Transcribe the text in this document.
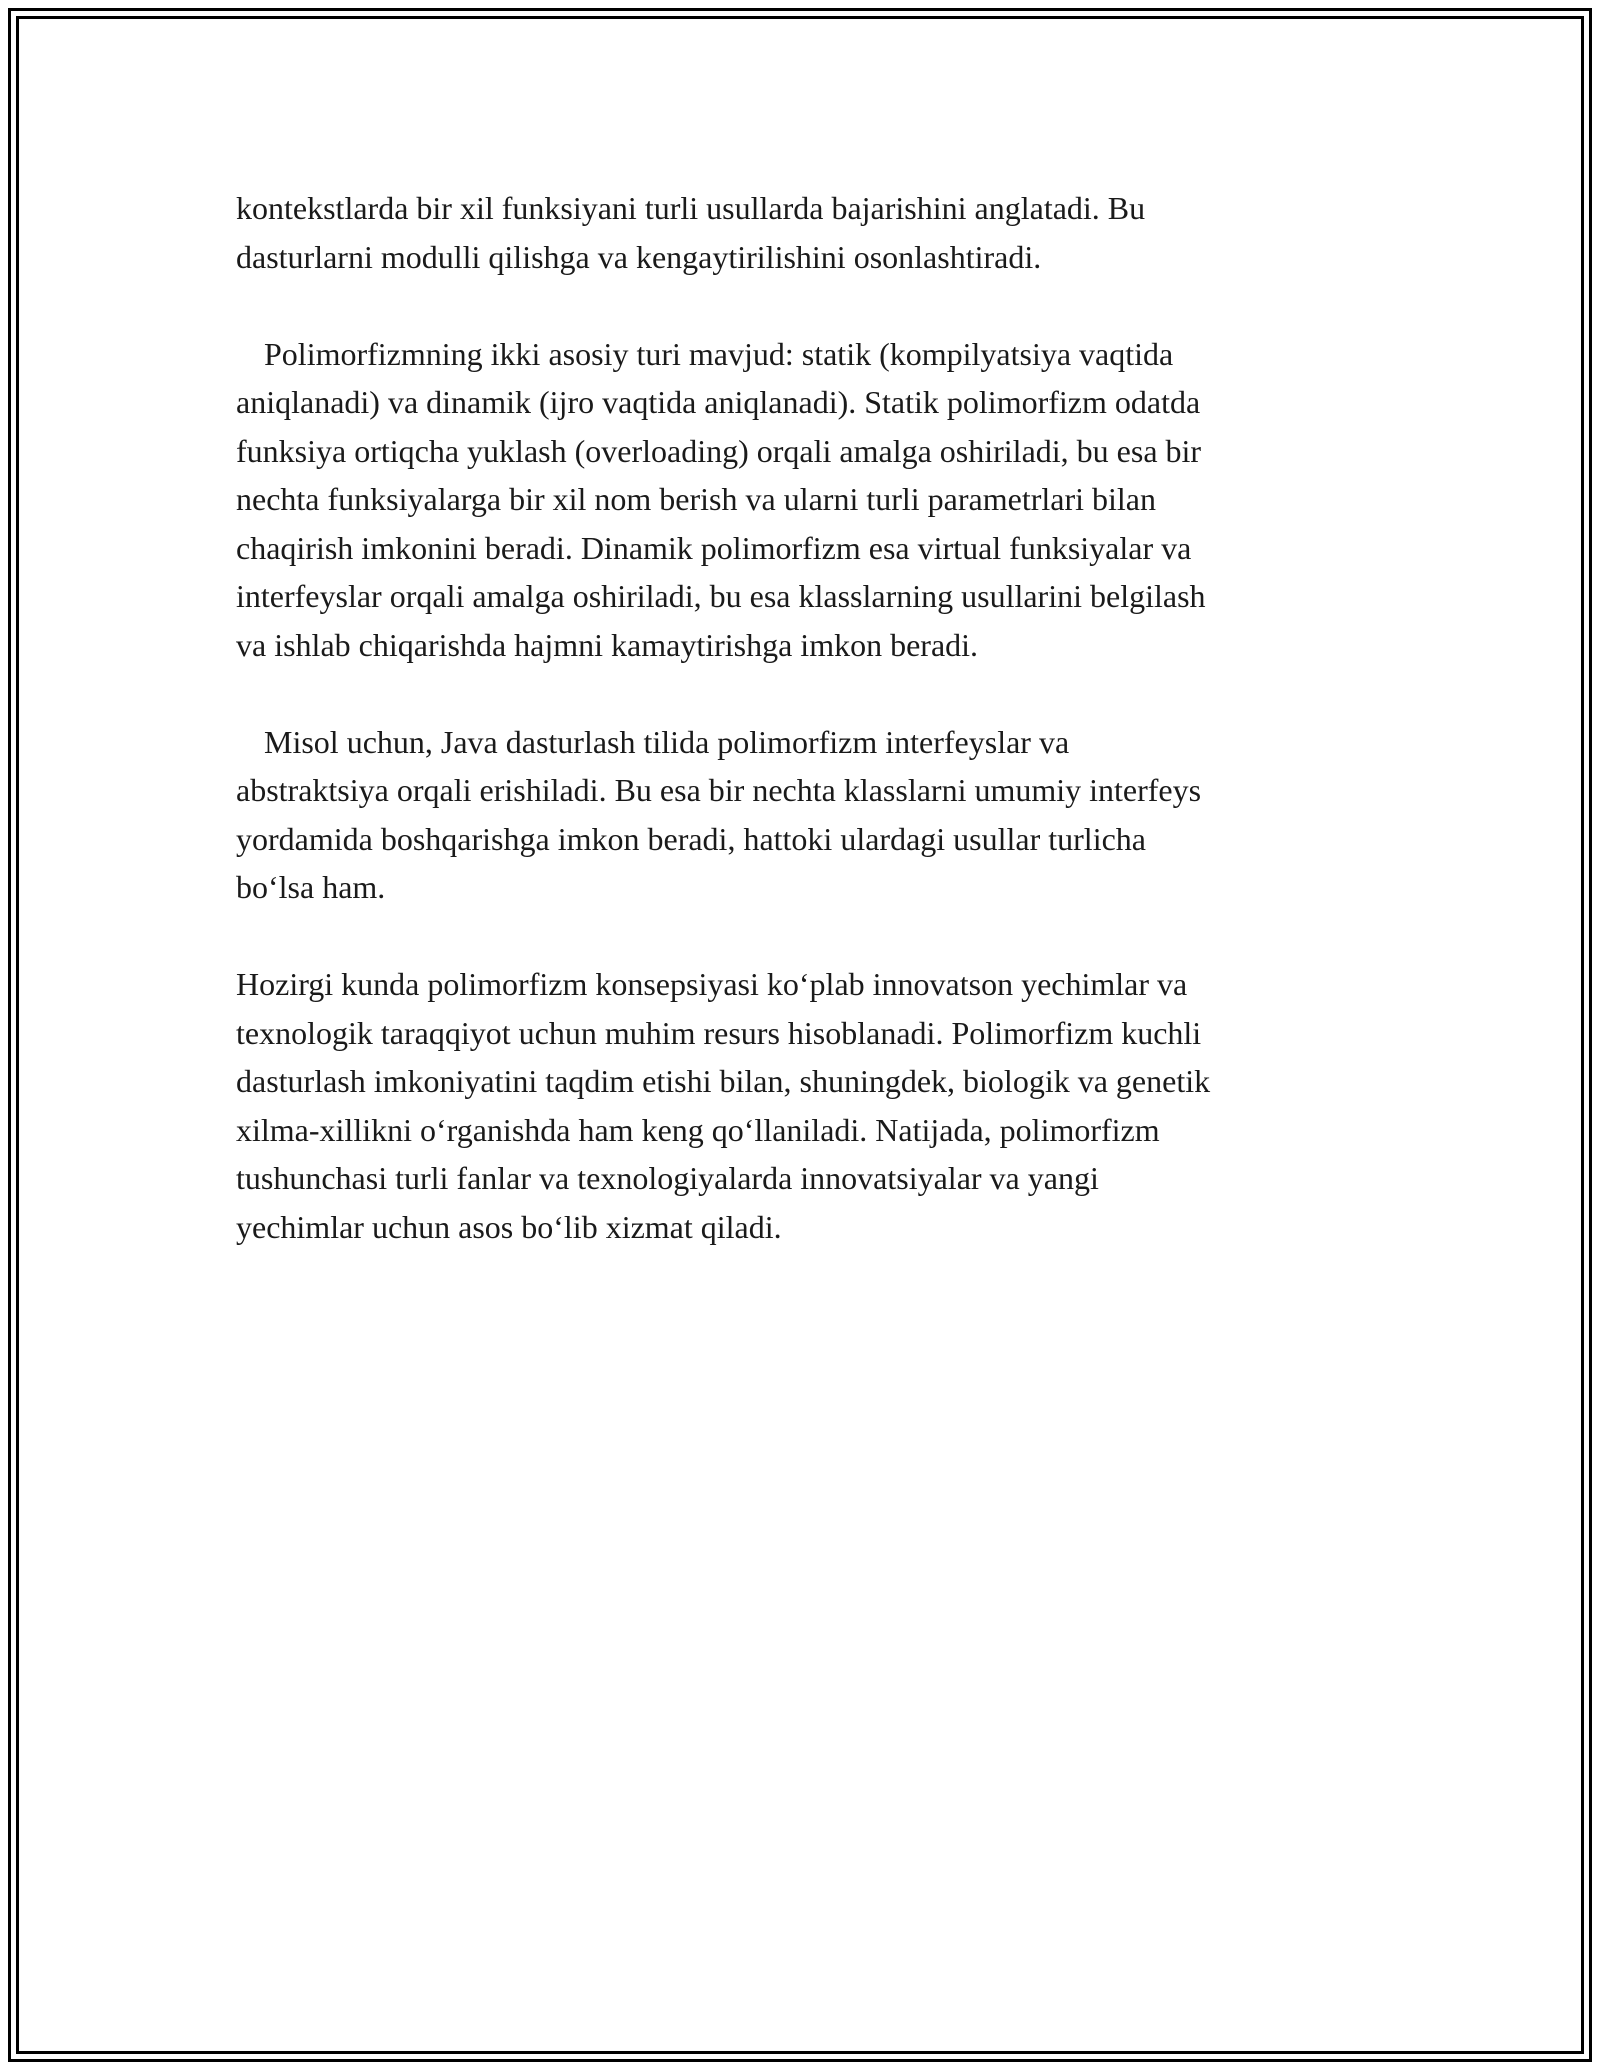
kontekstlarda bir xil funksiyani turli usullarda bajarishini anglatadi. Bu
dasturlarni modulli qilishga va kengaytirilishini osonlashtiradi.

Polimorfizmning ikki asosiy turi mavjud: statik (kompilyatsiya vaqtida
aniqlanadi) va dinamik (ijro vaqtida aniqlanadi). Statik polimorfizm odatda
funksiya ortiqcha yuklash (overloading) orqali amalga oshiriladi, bu esa bir
nechta funksiyalarga bir xil nom berish va ularni turli parametrlari bilan
chaqirish imkonini beradi. Dinamik polimorfizm esa virtual funksiyalar va
interfeyslar orqali amalga oshiriladi, bu esa klasslarning usullarini belgilash
va ishlab chiqarishda hajmni kamaytirishga imkon beradi.

Misol uchun, Java dasturlash tilida polimorfizm interfeyslar va
abstraktsiya orqali erishiladi. Bu esa bir nechta klasslarni umumiy interfeys
yordamida boshqarishga imkon beradi, hattoki ulardagi usullar turlicha
boʻlsa ham.

Hozirgi kunda polimorfizm konsepsiyasi koʻplab innovatson yechimlar va
texnologik taraqqiyot uchun muhim resurs hisoblanadi. Polimorfizm kuchli
dasturlash imkoniyatini taqdim etishi bilan, shuningdek, biologik va genetik
xilma-xillikni oʻrganishda ham keng qoʻllaniladi. Natijada, polimorfizm
tushunchasi turli fanlar va texnologiyalarda innovatsiyalar va yangi
yechimlar uchun asos boʻlib xizmat qiladi.
